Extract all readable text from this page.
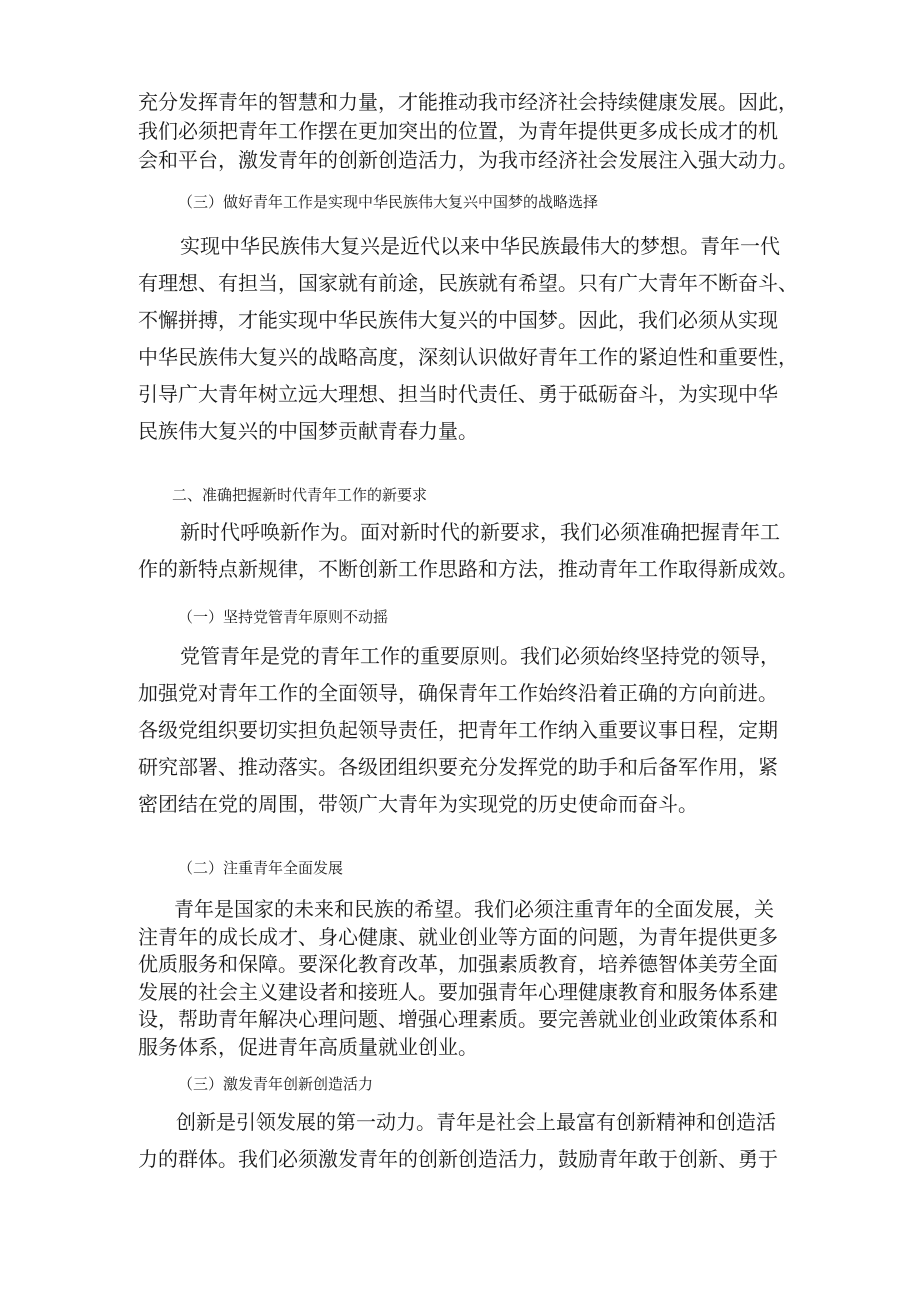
充分发挥青年的智慧和力量，才能推动我市经济社会持续健康发展。因此，
我们必须把青年工作摆在更加突出的位置，为青年提供更多成长成才的机
会和平台，激发青年的创新创造活力，为我市经济社会发展注入强大动力。
（三）做好青年工作是实现中华民族伟大复兴中国梦的战略选择
实现中华民族伟大复兴是近代以来中华民族最伟大的梦想。青年一代
有理想、有担当，国家就有前途，民族就有希望。只有广大青年不断奋斗、
不懈拼搏，才能实现中华民族伟大复兴的中国梦。因此，我们必须从实现
中华民族伟大复兴的战略高度，深刻认识做好青年工作的紧迫性和重要性，
引导广大青年树立远大理想、担当时代责任、勇于砥砺奋斗，为实现中华
民族伟大复兴的中国梦贡献青春力量。
二、准确把握新时代青年工作的新要求
新时代呼唤新作为。面对新时代的新要求，我们必须准确把握青年工
作的新特点新规律，不断创新工作思路和方法，推动青年工作取得新成效。
（一）坚持党管青年原则不动摇
党管青年是党的青年工作的重要原则。我们必须始终坚持党的领导，
加强党对青年工作的全面领导，确保青年工作始终沿着正确的方向前进。
各级党组织要切实担负起领导责任，把青年工作纳入重要议事日程，定期
研究部署、推动落实。各级团组织要充分发挥党的助手和后备军作用，紧
密团结在党的周围，带领广大青年为实现党的历史使命而奋斗。
（二）注重青年全面发展
青年是国家的未来和民族的希望。我们必须注重青年的全面发展，关
注青年的成长成才、身心健康、就业创业等方面的问题，为青年提供更多
优质服务和保障。要深化教育改革，加强素质教育，培养德智体美劳全面
发展的社会主义建设者和接班人。要加强青年心理健康教育和服务体系建
设，帮助青年解决心理问题、增强心理素质。要完善就业创业政策体系和
服务体系，促进青年高质量就业创业。
（三）激发青年创新创造活力
创新是引领发展的第一动力。青年是社会上最富有创新精神和创造活
力的群体。我们必须激发青年的创新创造活力，鼓励青年敢于创新、勇于
